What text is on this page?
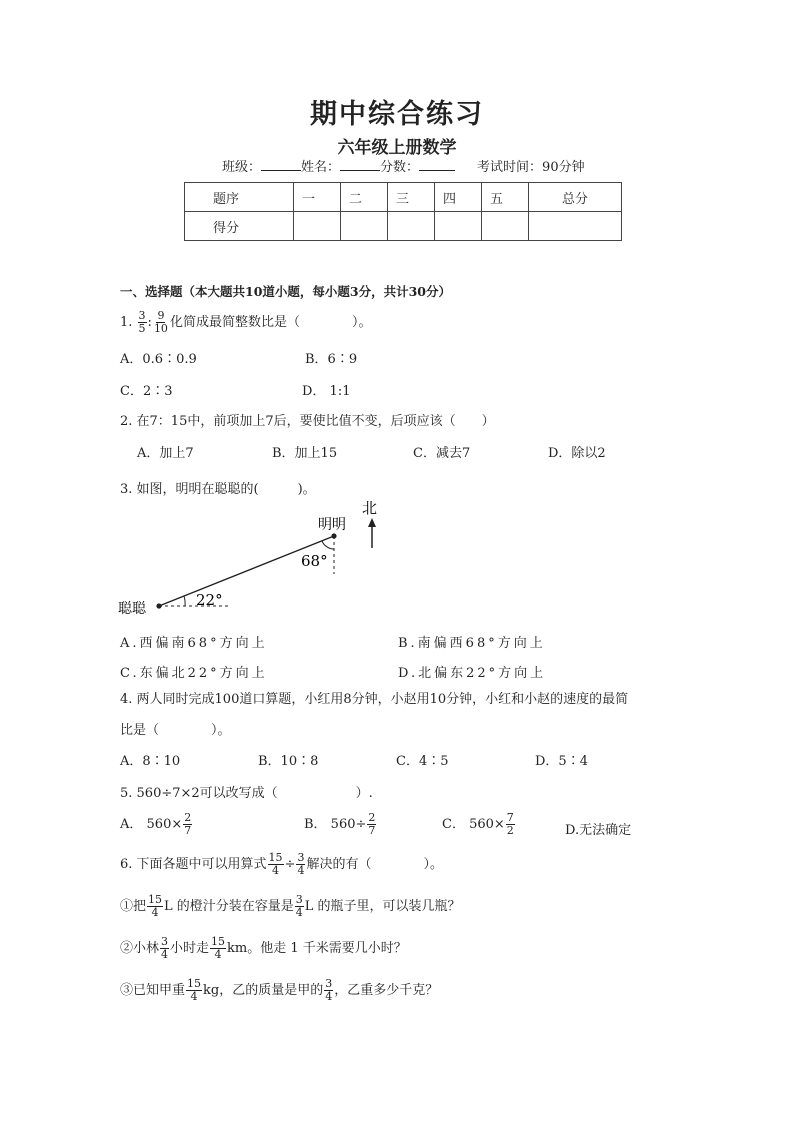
期中综合练习
六年级上册数学
班级：	姓名：	分数：	考试时间：90分钟
题序	一	二	三	四	五	总分
得分						
一、选择题（本大题共10道小题，每小题3分，共计30分）
1. $\frac{3}{5}$ : $\frac{9}{10}$ 化简成最简整数比是（　　　　）。
A．0.6∶0.9	B．6∶9
C．2∶3	D． 1:1
2. 在7：15中，前项加上7后，要使比值不变，后项应该（　　）
A．加上7	B．加上15	C．减去7	D．除以2
3. 如图，明明在聪聪的(　　　)。
北
明明
聪聪
68°
22°
A.西偏南68°方向上	B.南偏西68°方向上
C.东偏北22°方向上	D.北偏东22°方向上
4. 两人同时完成100道口算题，小红用8分钟，小赵用10分钟，小红和小赵的速度的最简
比是（　　　　）。
A．8∶10	B．10∶8	C．4∶5	D．5∶4
5. 560÷7×2可以改写成（　　　　　　）.
A． $560\times \frac{2}{7}$	B． $560\div \frac{2}{7}$	C． $560\times \frac{7}{2}$	D.无法确定
6. 下面各题中可以用算式 $\frac{15}{4} \div \frac{3}{4}$ 解决的有（　　　　）。
①把 $\frac{15}{4}$ L 的橙汁分装在容量是 $\frac{3}{4}$ L 的瓶子里，可以装几瓶？
②小林 $\frac{3}{4}$ 小时走 $\frac{15}{4}$ km。他走 1 千米需要几小时？
③已知甲重 $\frac{15}{4}$ kg，乙的质量是甲的 $\frac{3}{4}$ ，乙重多少千克？
